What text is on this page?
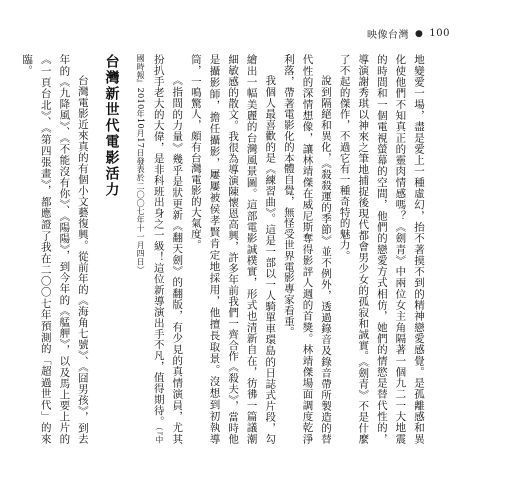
映像台灣 ● 100

地變愛一場，盡是愛上一種虛幻，抬不著摸不到的精神戀愛感覺。是孤離感和異化使他們不知真正的靈肉情感嗎？《劍青》中兩位女主角隔著一個九二一大地震的時間和一個電視螢幕的空間，他們的戀愛方式相仿，她們的情慾是替代性的，導演謝秀琪以神來之筆地捕捉後現代都會男少女的孤寂和誠實。《劍青》不是什麼了不起的傑作，不過它有一種奇特的魅力。

說到隔絕和異化，《殺殺運的季節》並不例外，透過錄音及錄音帶所製造的替代性的深情想像，讓林靖傑在威尼斯奪得影評人週的首獎。林靖傑場面調度乾淨利落，帶著電影化的本體自覺，無怪受世界電影專家看重。

我個人最喜歡的是《練習曲》。這是一部以一人騎單車環島的日誌式片段，勾繪出一幅美麗的台灣風景圖。這部電影誠樸實，形式也清新自在，彷彿一篇議潮細敏感的散文。我很為導演陳懷恩高興，許多年前我們一齊合作《殺夫》，當時他是攝影師，擔任攝影，屢屢被侯孝賢肯定地採用，他擅長取景。沒想到初執導筒，一鳴驚人，頗有台灣電影的大氣度。

《指間的力量》幾乎是狀更新《翻天劍》的翻版，有少見的真情演員，尤其扮扒手老大的大偉，是非科班出身之一級！這位新導演出手不凡，值得期待。（『中國時報』2010年10月17日發表於二〇〇七年十一月四日）

台灣新世代電影活力

台灣電影近來真的有個小文藝復興。從前年的《海角七號》、《囧男孩》，到去年的《九降風》、《不能沒有你》、《陽陽》，到今年的《艋舺》，以及馬上要上片的《一頁台北》、《第四張畫》，都應證了我在二〇〇七年預測的「超過世代」的來臨。
